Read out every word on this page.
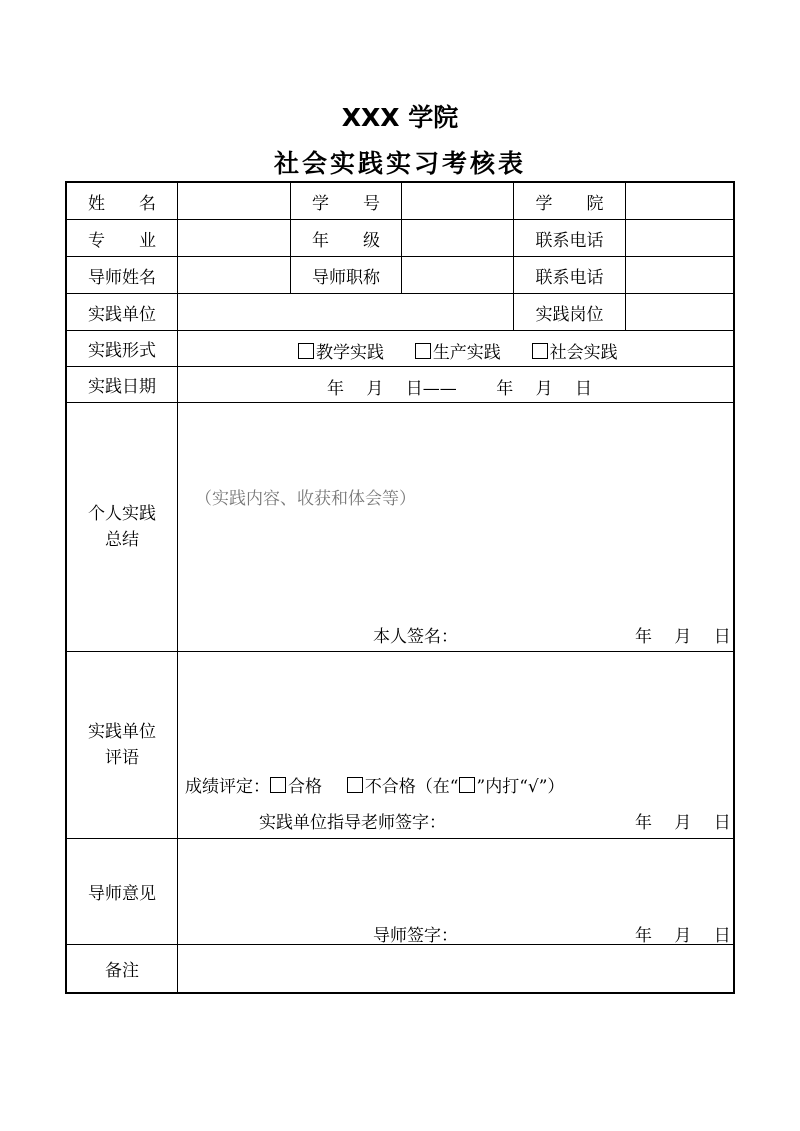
XXX 学院
社会实践实习考核表
姓　　名	学　　号	学　　院
专　　业	年　　级	联系电话
导师姓名	导师职称	联系电话
实践单位	实践岗位
实践形式	教学实践	生产实践	社会实践
实践日期	年　 月　 日——　　 年　 月　 日
个人实践
总结
（实践内容、收获和体会等）
本人签名：	年　 月　 日
实践单位
评语
成绩评定： 合格	不合格（在“ ”内打“√”）
实践单位指导老师签字：	年　 月　 日
导师意见
导师签字：	年　 月　 日
备注
